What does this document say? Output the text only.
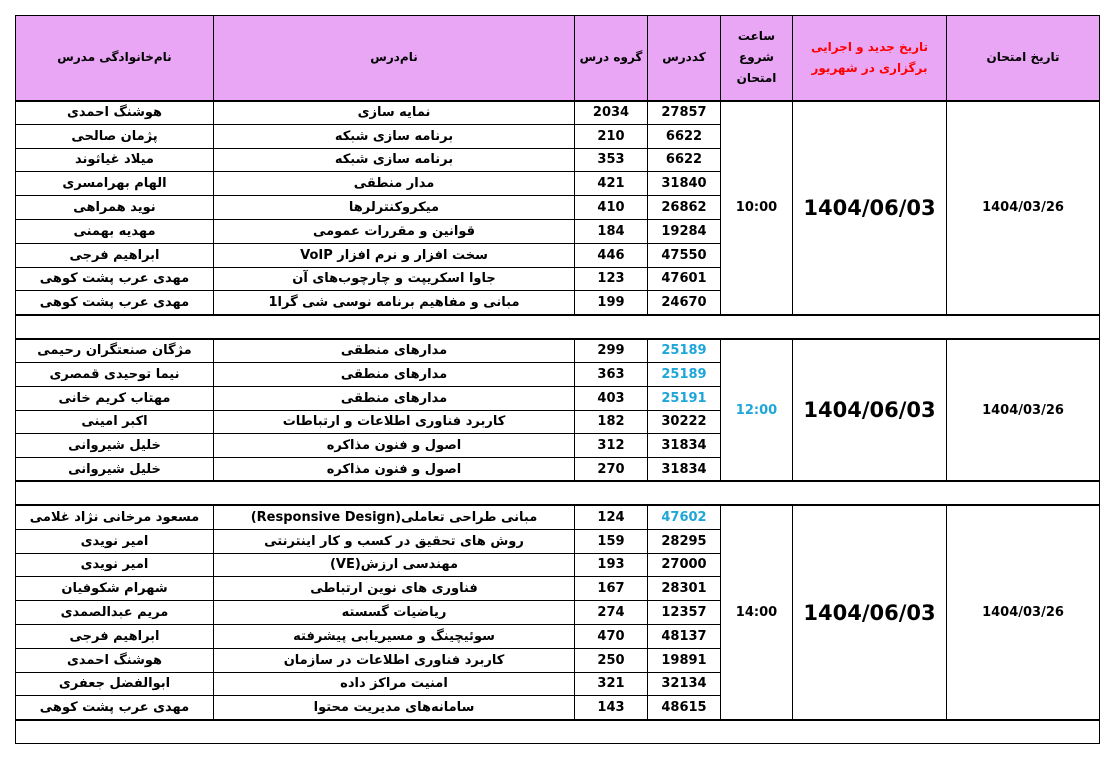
نام‌خانوادگی مدرس	نام‌درس	گروه درس	کددرس	ساعت شروع امتحان	تاریخ جدید و اجرایی برگزاری در شهریور	تاریخ امتحان
هوشنگ احمدی	نمایه سازی	2034	27857	10:00	1404/06/03	1404/03/26
پژمان صالحی	برنامه سازی شبکه	210	6622			
میلاد غیاثوند	برنامه سازی شبکه	353	6622			
الهام بهرامسری	مدار منطقی	421	31840			
نوید همراهی	میکروکنترلرها	410	26862			
مهدیه بهمنی	قوانین و مقررات عمومی	184	19284			
ابراهیم فرجی	سخت افزار و نرم افزار VoIP	446	47550			
مهدی عرب پشت کوهی	جاوا اسکریپت و چارچوب‌های آن	123	47601			
مهدی عرب پشت کوهی	مبانی و مفاهیم برنامه نوسی شی گرا1	199	24670			

مژگان صنعتگران رحیمی	مدارهای منطقی	299	25189	12:00	1404/06/03	1404/03/26
نیما توحیدی قمصری	مدارهای منطقی	363	25189			
مهتاب کریم خانی	مدارهای منطقی	403	25191			
اکبر امینی	کاربرد فناوری اطلاعات و ارتباطات	182	30222			
خلیل شیروانی	اصول و فنون مذاکره	312	31834			
خلیل شیروانی	اصول و فنون مذاکره	270	31834			

مسعود مرخانی نژاد غلامی	مبانی طراحی تعاملی(Responsive Design)	124	47602	14:00	1404/06/03	1404/03/26
امیر نویدی	روش های تحقیق در کسب و کار اینترنتی	159	28295			
امیر نویدی	مهندسی ارزش(VE)	193	27000			
شهرام شکوفیان	فناوری های نوین ارتباطی	167	28301			
مریم عبدالصمدی	ریاضیات گسسته	274	12357			
ابراهیم فرجی	سوئیچینگ و مسیریابی پیشرفته	470	48137			
هوشنگ احمدی	کاربرد فناوری اطلاعات در سازمان	250	19891			
ابوالفضل جعفری	امنیت مراکز داده	321	32134			
مهدی عرب پشت کوهی	سامانه‌های مدیریت محتوا	143	48615			
